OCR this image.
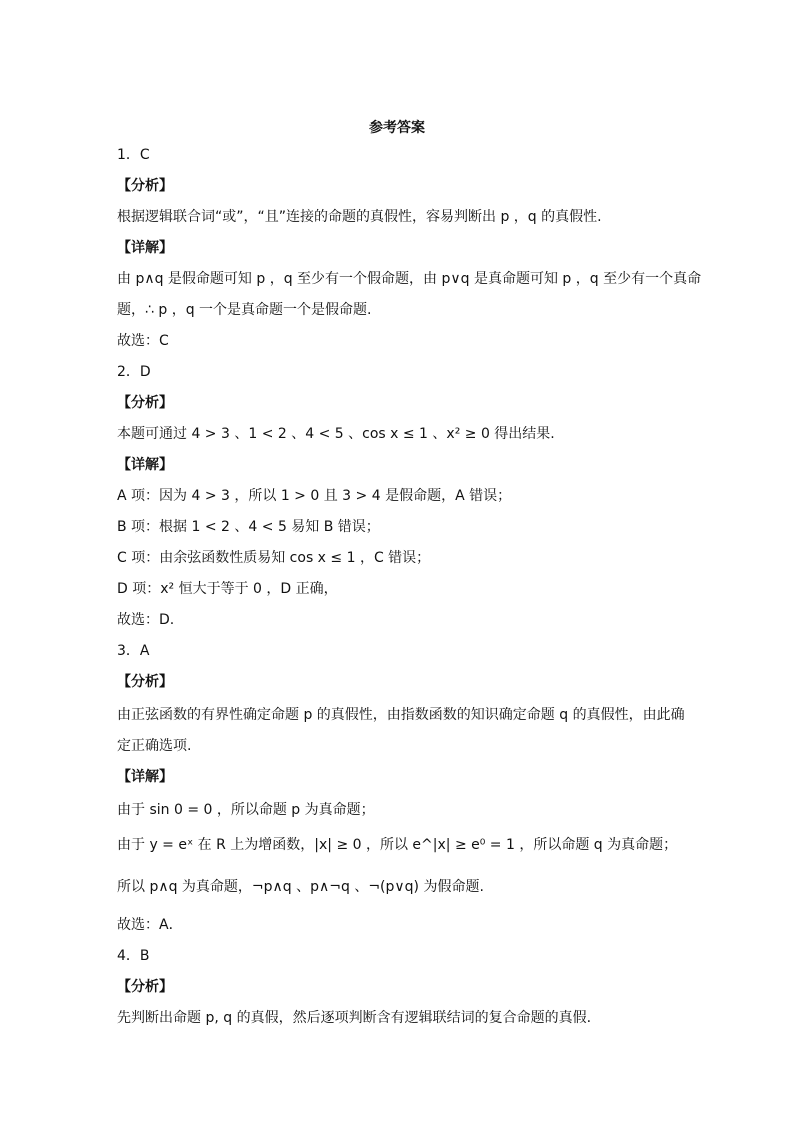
参考答案
1．C
【分析】
根据逻辑联合词“或”，“且”连接的命题的真假性，容易判断出 p ，q 的真假性.
【详解】
由 p∧q 是假命题可知 p ，q 至少有一个假命题，由 p∨q 是真命题可知 p ，q 至少有一个真命
题，∴ p ，q 一个是真命题一个是假命题.
故选：C
2．D
【分析】
本题可通过 4 > 3 、1 < 2 、4 < 5 、cos x ≤ 1 、x² ≥ 0 得出结果.
【详解】
A 项：因为 4 > 3 ，所以 1 > 0 且 3 > 4 是假命题，A 错误；
B 项：根据 1 < 2 、4 < 5 易知 B 错误；
C 项：由余弦函数性质易知 cos x ≤ 1 ，C 错误；
D 项：x² 恒大于等于 0 ，D 正确，
故选：D.
3．A
【分析】
由正弦函数的有界性确定命题 p 的真假性，由指数函数的知识确定命题 q 的真假性，由此确
定正确选项.
【详解】
由于 sin 0 = 0 ，所以命题 p 为真命题；
由于 y = eˣ 在 R 上为增函数，|x| ≥ 0 ，所以 e^|x| ≥ e⁰ = 1 ，所以命题 q 为真命题；
所以 p∧q 为真命题，¬p∧q 、p∧¬q 、¬(p∨q) 为假命题.
故选：A．
4．B
【分析】
先判断出命题 p, q 的真假，然后逐项判断含有逻辑联结词的复合命题的真假.
